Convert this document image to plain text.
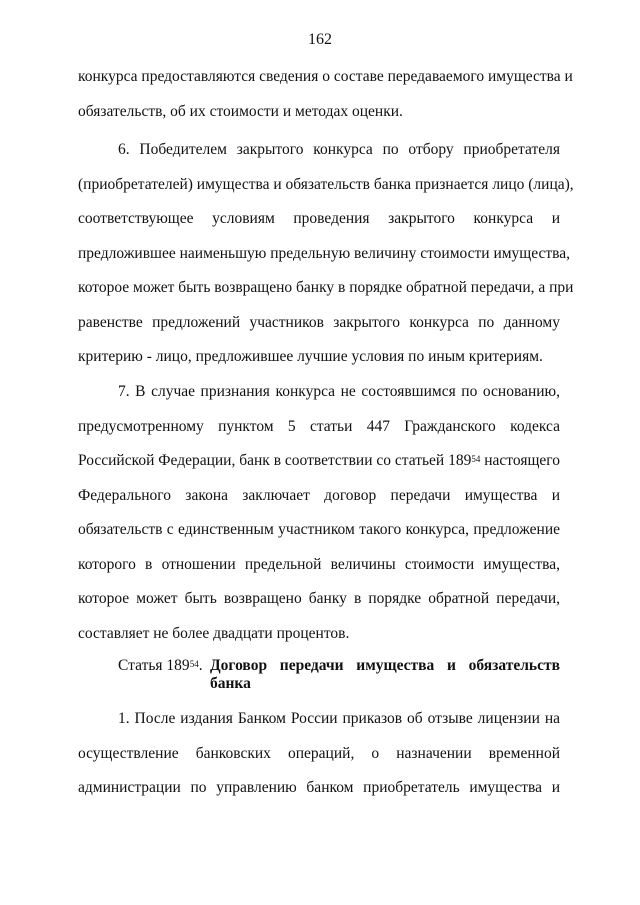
162
конкурса предоставляются сведения о составе передаваемого имущества и
обязательств, об их стоимости и методах оценки.
6. Победителем закрытого конкурса по отбору приобретателя
(приобретателей) имущества и обязательств банка признается лицо (лица),
соответствующее условиям проведения закрытого конкурса и
предложившее наименьшую предельную величину стоимости имущества,
которое может быть возвращено банку в порядке обратной передачи, а при
равенстве предложений участников закрытого конкурса по данному
критерию - лицо, предложившее лучшие условия по иным критериям.
7. В случае признания конкурса не состоявшимся по основанию,
предусмотренному пунктом 5 статьи 447 Гражданского кодекса
Российской Федерации, банк в соответствии со статьей $189^{54}$ настоящего
Федерального закона заключает договор передачи имущества и
обязательств с единственным участником такого конкурса, предложение
которого в отношении предельной величины стоимости имущества,
которое может быть возвращено банку в порядке обратной передачи,
составляет не более двадцати процентов.
Статья $189^{54}$. Договор передачи имущества и обязательств
банка
1. После издания Банком России приказов об отзыве лицензии на
осуществление банковских операций, о назначении временной
администрации по управлению банком приобретатель имущества и
